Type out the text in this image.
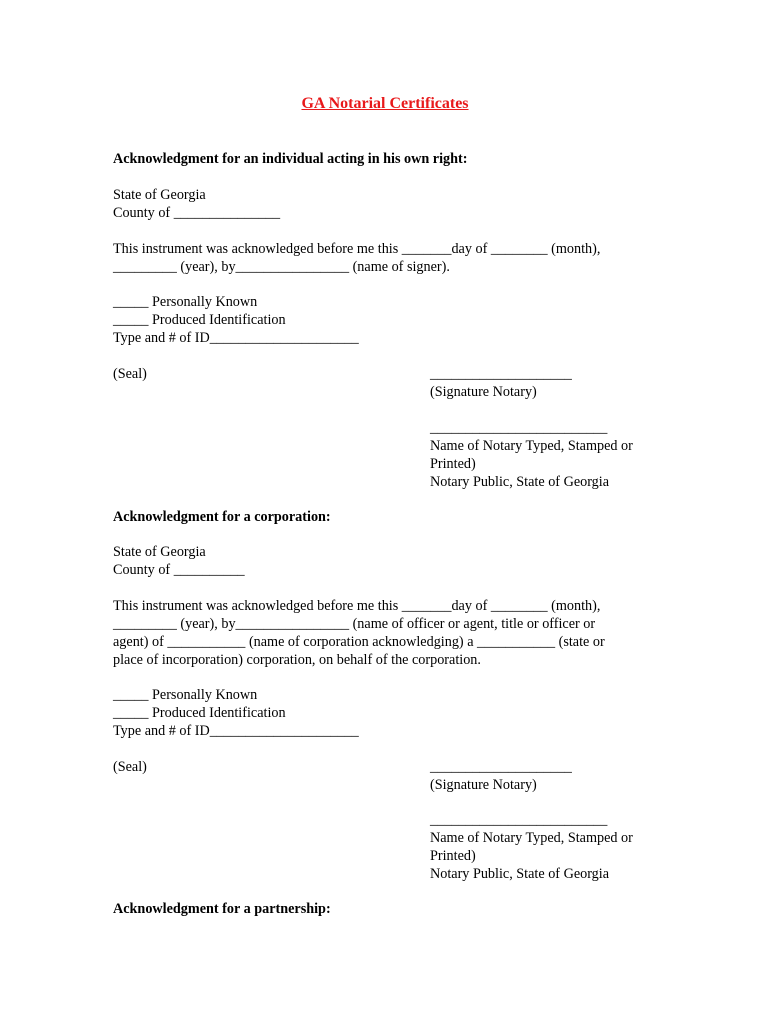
GA Notarial Certificates
Acknowledgment for an individual acting in his own right:
State of Georgia
County of _______________
This instrument was acknowledged before me this _______day of ________ (month),
_________ (year), by________________ (name of signer).
_____ Personally Known
_____ Produced Identification
Type and # of ID_____________________
(Seal)	____________________
(Signature Notary)
_________________________
Name of Notary Typed, Stamped or
Printed)
Notary Public, State of Georgia
Acknowledgment for a corporation:
State of Georgia
County of __________
This instrument was acknowledged before me this _______day of ________ (month),
_________ (year), by________________ (name of officer or agent, title or officer or
agent) of ___________ (name of corporation acknowledging) a ___________ (state or
place of incorporation) corporation, on behalf of the corporation.
_____ Personally Known
_____ Produced Identification
Type and # of ID_____________________
(Seal)	____________________
(Signature Notary)
_________________________
Name of Notary Typed, Stamped or
Printed)
Notary Public, State of Georgia
Acknowledgment for a partnership:
